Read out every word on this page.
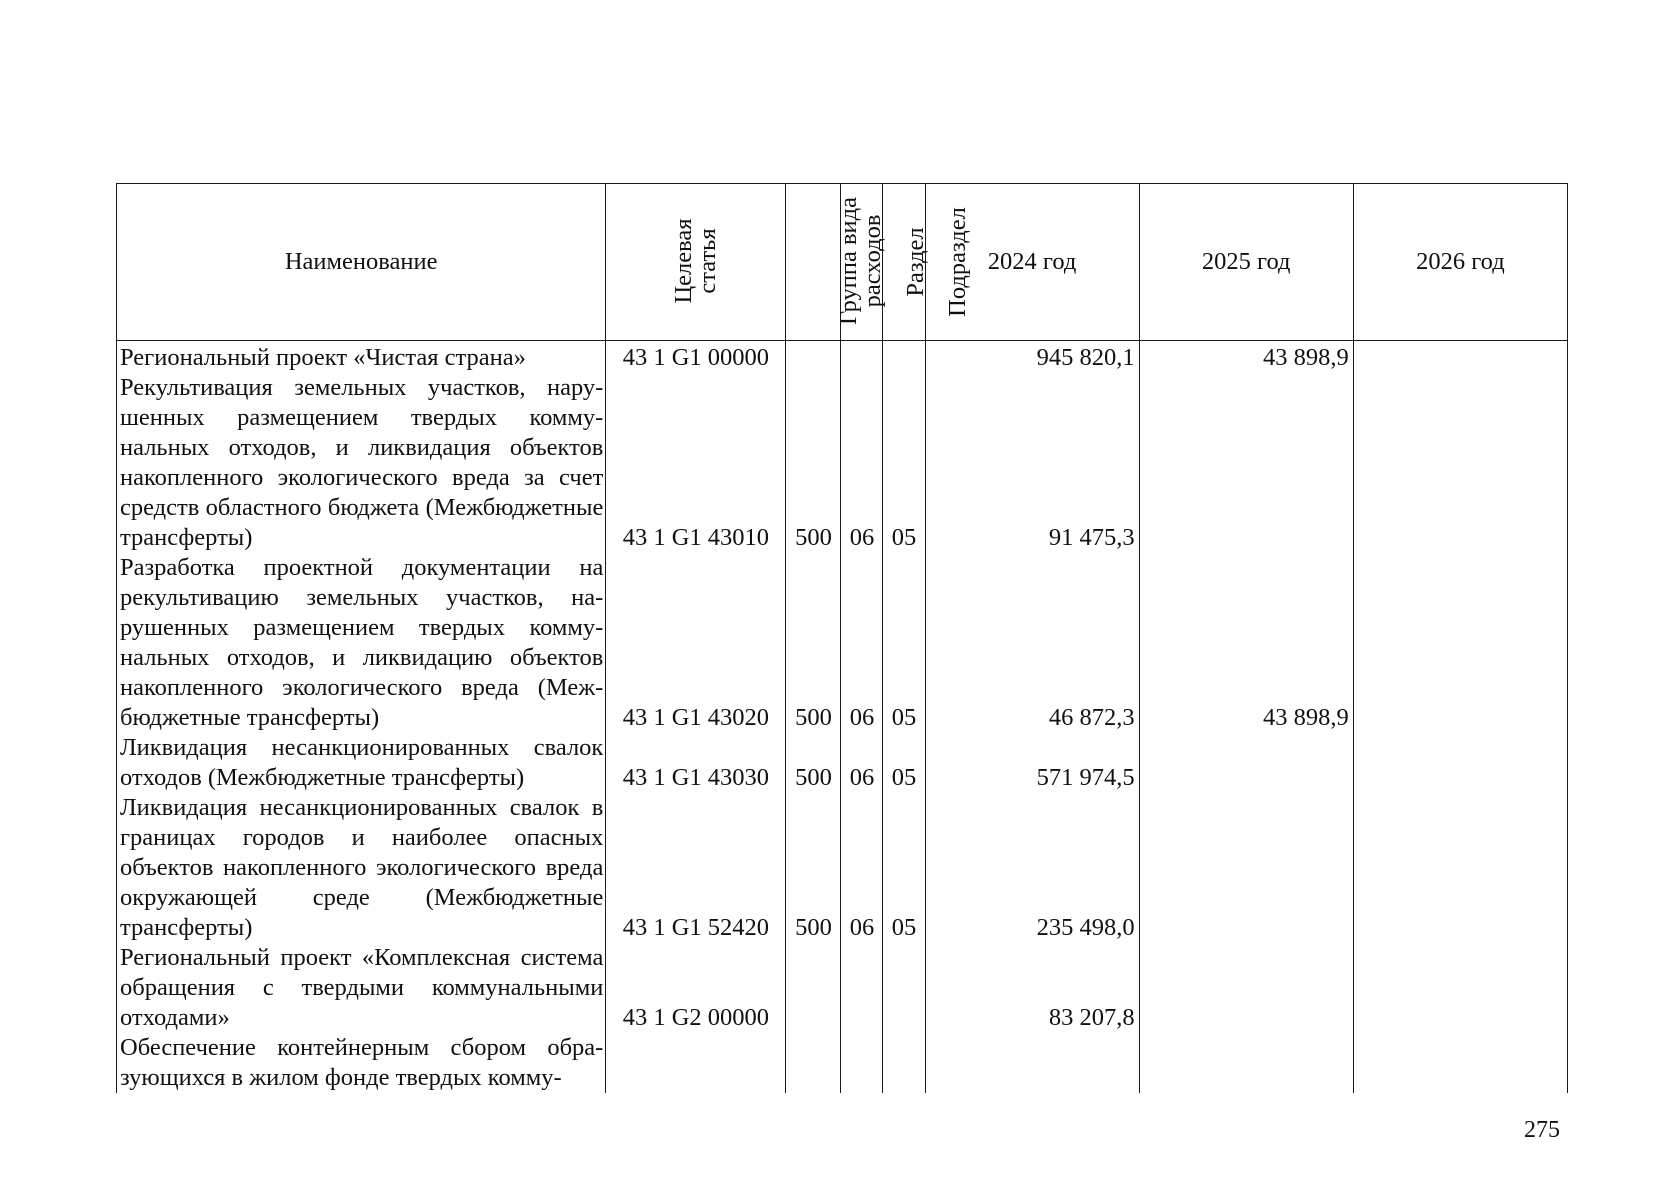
Наименование	Целевая статья	Группа вида расходов	Раздел	Подраздел	2024 год	2025 год	2026 год
Региональный проект «Чистая страна»	43 1 G1 00000				945 820,1	43 898,9	
Рекультивация земельных участков, нарушенных размещением твердых коммунальных отходов, и ликвидация объектов накопленного экологического вреда за счет средств областного бюджета (Межбюджетные трансферты)	43 1 G1 43010	500	06	05	91 475,3		
Разработка проектной документации на рекультивацию земельных участков, нарушенных размещением твердых коммунальных отходов, и ликвидацию объектов накопленного экологического вреда (Межбюджетные трансферты)	43 1 G1 43020	500	06	05	46 872,3	43 898,9	
Ликвидация несанкционированных свалок отходов (Межбюджетные трансферты)	43 1 G1 43030	500	06	05	571 974,5		
Ликвидация несанкционированных свалок в границах городов и наиболее опасных объектов накопленного экологического вреда окружающей среде (Межбюджетные трансферты)	43 1 G1 52420	500	06	05	235 498,0		
Региональный проект «Комплексная система обращения с твердыми коммунальными отходами»	43 1 G2 00000				83 207,8		
Обеспечение контейнерным сбором образующихся в жилом фонде твердых комму-							
275
